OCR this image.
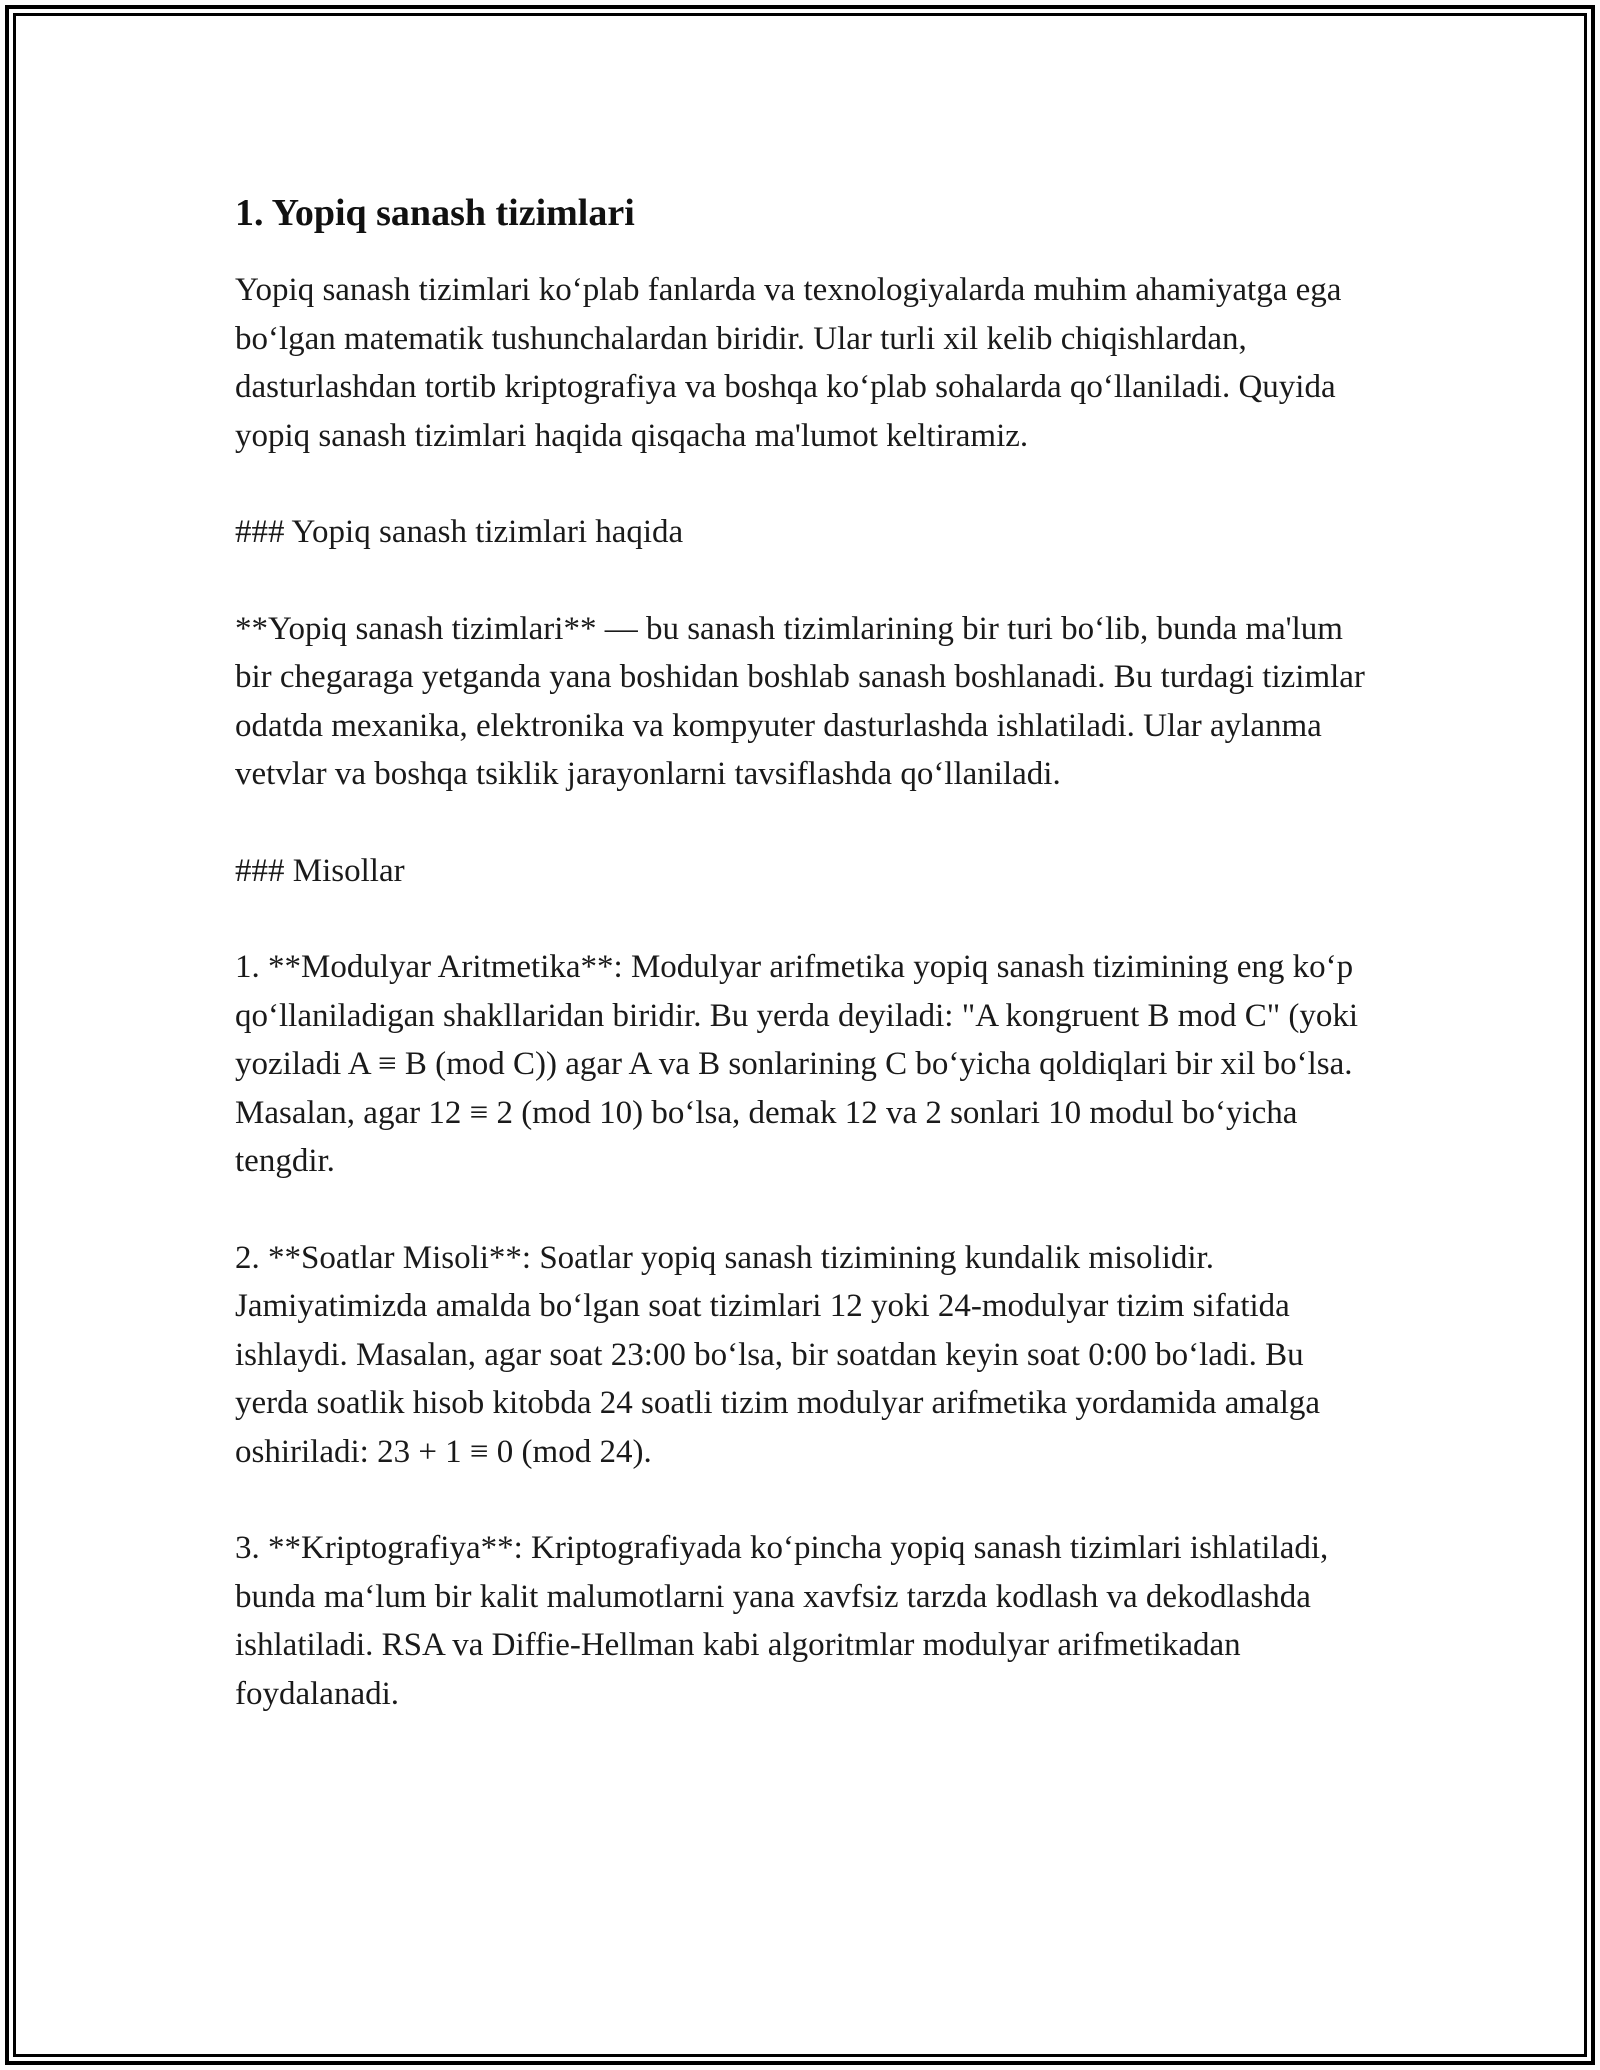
1. Yopiq sanash tizimlari

Yopiq sanash tizimlari ko‘plab fanlarda va texnologiyalarda muhim ahamiyatga ega bo‘lgan matematik tushunchalardan biridir. Ular turli xil kelib chiqishlardan, dasturlashdan tortib kriptografiya va boshqa ko‘plab sohalarda qo‘llaniladi. Quyida yopiq sanash tizimlari haqida qisqacha ma'lumot keltiramiz.

### Yopiq sanash tizimlari haqida

**Yopiq sanash tizimlari** — bu sanash tizimlarining bir turi bo‘lib, bunda ma'lum bir chegaraga yetganda yana boshidan boshlab sanash boshlanadi. Bu turdagi tizimlar odatda mexanika, elektronika va kompyuter dasturlashda ishlatiladi. Ular aylanma vetvlar va boshqa tsiklik jarayonlarni tavsiflashda qo‘llaniladi.

### Misollar

1. **Modulyar Aritmetika**: Modulyar arifmetika yopiq sanash tizimining eng ko‘p qo‘llaniladigan shakllaridan biridir. Bu yerda deyiladi: "A kongruent B mod C" (yoki yoziladi A ≡ B (mod C)) agar A va B sonlarining C bo‘yicha qoldiqlari bir xil bo‘lsa. Masalan, agar 12 ≡ 2 (mod 10) bo‘lsa, demak 12 va 2 sonlari 10 modul bo‘yicha tengdir.

2. **Soatlar Misoli**: Soatlar yopiq sanash tizimining kundalik misolidir. Jamiyatimizda amalda bo‘lgan soat tizimlari 12 yoki 24-modulyar tizim sifatida ishlaydi. Masalan, agar soat 23:00 bo‘lsa, bir soatdan keyin soat 0:00 bo‘ladi. Bu yerda soatlik hisob kitobda 24 soatli tizim modulyar arifmetika yordamida amalga oshiriladi: 23 + 1 ≡ 0 (mod 24).

3. **Kriptografiya**: Kriptografiyada ko‘pincha yopiq sanash tizimlari ishlatiladi, bunda ma‘lum bir kalit malumotlarni yana xavfsiz tarzda kodlash va dekodlashda ishlatiladi. RSA va Diffie-Hellman kabi algoritmlar modulyar arifmetikadan foydalanadi.
